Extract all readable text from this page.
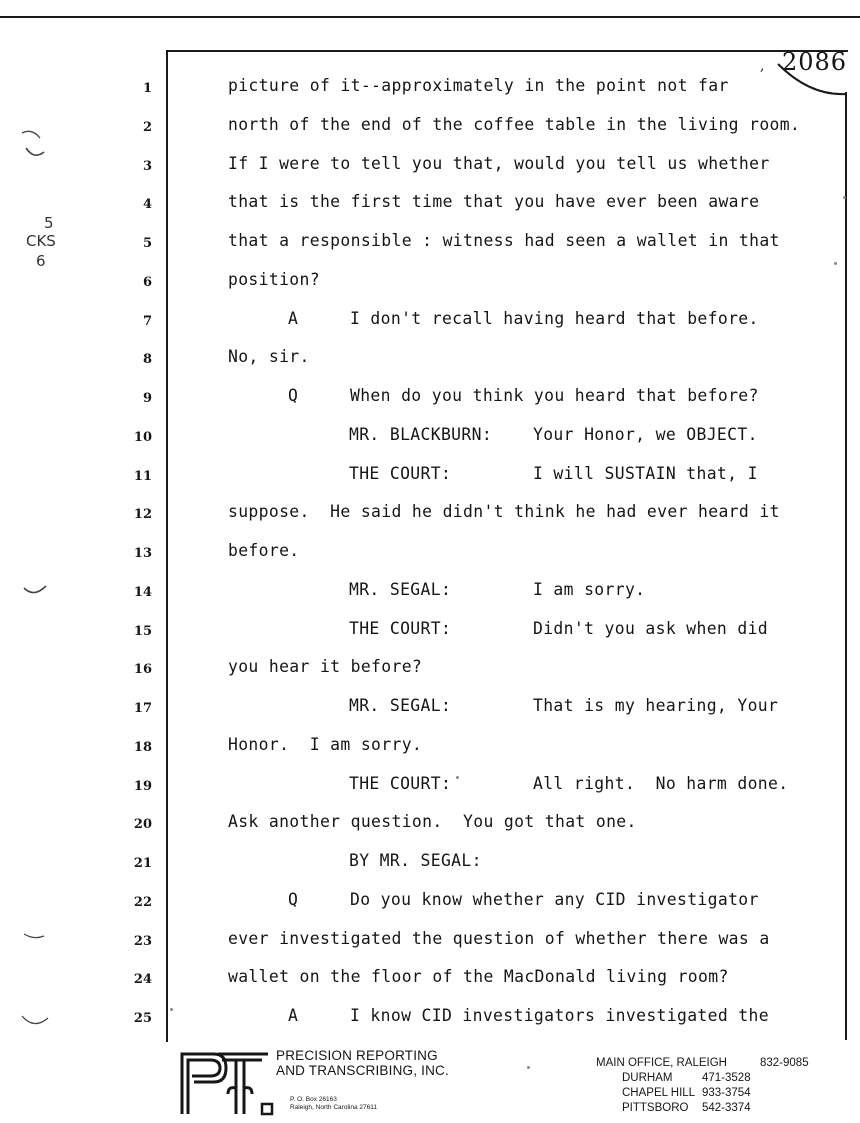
, 2086
5
CKS
6
1	picture of it--approximately in the point not far
2	north of the end of the coffee table in the living room.
3	If I were to tell you that, would you tell us whether
4	that is the first time that you have ever been aware
5	that a responsible : witness had seen a wallet in that
6	position?
7	A	I don't recall having heard that before.
8	No, sir.
9	Q	When do you think you heard that before?
10	MR. BLACKBURN: Your Honor, we OBJECT.
11	THE COURT:	I will SUSTAIN that, I
12	suppose.  He said he didn't think he had ever heard it
13	before.
14	MR. SEGAL:	I am sorry.
15	THE COURT:	Didn't you ask when did
16	you hear it before?
17	MR. SEGAL:	That is my hearing, Your
18	Honor.  I am sorry.
19	THE COURT:	All right.  No harm done.
20	Ask another question.  You got that one.
21	BY MR. SEGAL:
22	Q	Do you know whether any CID investigator
23	ever investigated the question of whether there was a
24	wallet on the floor of the MacDonald living room?
25	A	I know CID investigators investigated the
PRECISION REPORTING
AND TRANSCRIBING, INC.
P. O. Box 26163
Raleigh, North Carolina 27611
MAIN OFFICE, RALEIGH	832-9085
DURHAM	471-3528
CHAPEL HILL 933-3754
PITTSBORO	542-3374
